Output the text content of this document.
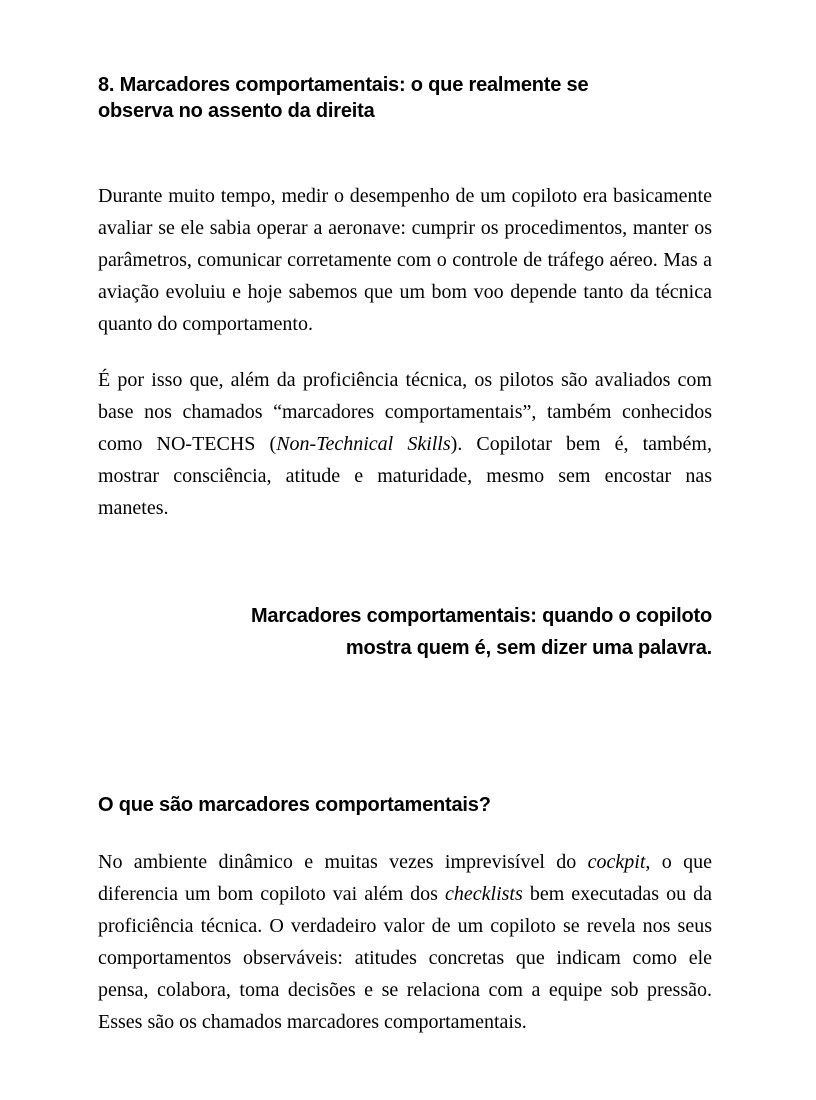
8. Marcadores comportamentais: o que realmente se
observa no assento da direita

Durante muito tempo, medir o desempenho de um copiloto era basicamente avaliar se ele sabia operar a aeronave: cumprir os procedimentos, manter os parâmetros, comunicar corretamente com o controle de tráfego aéreo. Mas a aviação evoluiu e hoje sabemos que um bom voo depende tanto da técnica quanto do comportamento.

É por isso que, além da proficiência técnica, os pilotos são avaliados com base nos chamados “marcadores comportamentais”, também conhecidos como NO-TECHS (Non-Technical Skills). Copilotar bem é, também, mostrar consciência, atitude e maturidade, mesmo sem encostar nas manetes.

Marcadores comportamentais: quando o copiloto
mostra quem é, sem dizer uma palavra.
O que são marcadores comportamentais?

No ambiente dinâmico e muitas vezes imprevisível do cockpit, o que diferencia um bom copiloto vai além dos checklists bem executadas ou da proficiência técnica. O verdadeiro valor de um copiloto se revela nos seus comportamentos observáveis: atitudes concretas que indicam como ele pensa, colabora, toma decisões e se relaciona com a equipe sob pressão. Esses são os chamados marcadores comportamentais.
